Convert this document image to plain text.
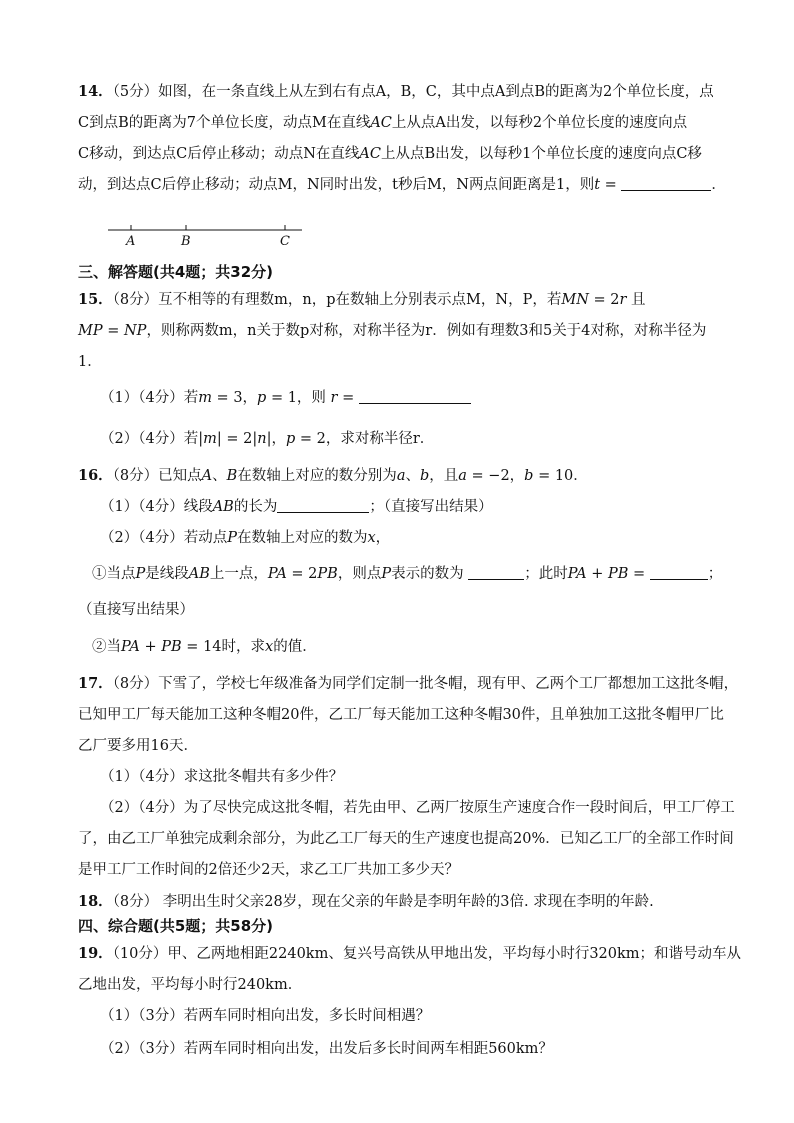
14．（5分）如图，在一条直线上从左到右有点A，B，C，其中点A到点B的距离为2个单位长度，点
C到点B的距离为7个单位长度，动点M在直线AC上从点A出发，以每秒2个单位长度的速度向点
C移动，到达点C后停止移动；动点N在直线AC上从点B出发，以每秒1个单位长度的速度向点C移
动，到达点C后停止移动；动点M，N同时出发，t秒后M，N两点间距离是1，则t =	．
A	B	C
三、解答题(共4题；共32分)
15．（8分）互不相等的有理数m，n，p在数轴上分别表示点M，N，P，若MN = 2r 且
MP = NP，则称两数m，n关于数p对称，对称半径为r．例如有理数3和5关于4对称，对称半径为
1．
（1）（4分）若m = 3，p = 1，则 r =
（2）（4分）若|m| = 2|n|，p = 2，求对称半径r．
16．（8分）已知点A、B在数轴上对应的数分别为a、b，且a = −2，b = 10．
（1）（4分）线段AB的长为	；（直接写出结果）
（2）（4分）若动点P在数轴上对应的数为x，
①当点P是线段AB上一点，PA = 2PB，则点P表示的数为	；此时PA + PB =	；
（直接写出结果）
②当PA + PB = 14时，求x的值．
17．（8分）下雪了，学校七年级准备为同学们定制一批冬帽，现有甲、乙两个工厂都想加工这批冬帽，
已知甲工厂每天能加工这种冬帽20件，乙工厂每天能加工这种冬帽30件，且单独加工这批冬帽甲厂比
乙厂要多用16天．
（1）（4分）求这批冬帽共有多少件？
（2）（4分）为了尽快完成这批冬帽，若先由甲、乙两厂按原生产速度合作一段时间后，甲工厂停工
了，由乙工厂单独完成剩余部分，为此乙工厂每天的生产速度也提高20%．已知乙工厂的全部工作时间
是甲工厂工作时间的2倍还少2天，求乙工厂共加工多少天？
18．（8分） 李明出生时父亲28岁，现在父亲的年龄是李明年龄的3倍. 求现在李明的年龄.
四、综合题(共5题；共58分)
19．（10分）甲、乙两地相距2240km、复兴号高铁从甲地出发，平均每小时行320km；和谐号动车从
乙地出发，平均每小时行240km．
（1）（3分）若两车同时相向出发，多长时间相遇？
（2）（3分）若两车同时相向出发，出发后多长时间两车相距560km？
